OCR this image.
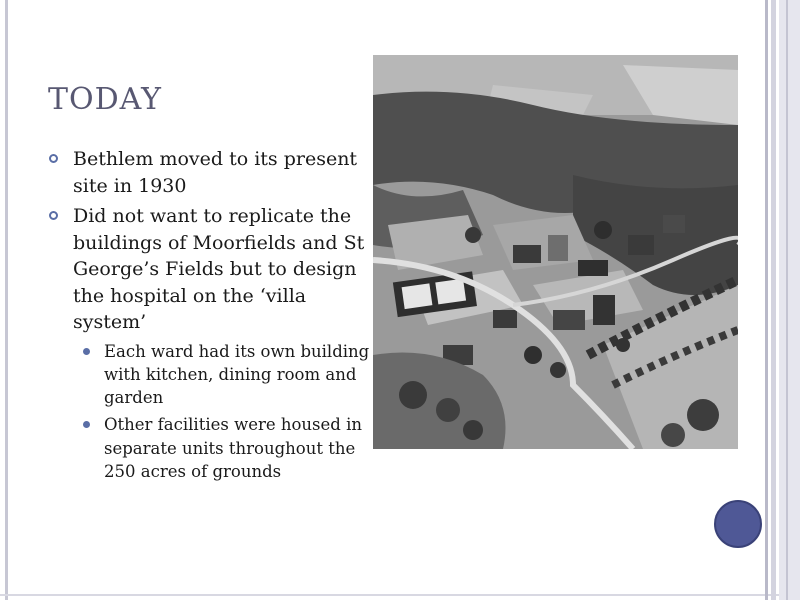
TODAY
Bethlem moved to its present site in 1930
Did not want to replicate the buildings of Moorfields and St George’s Fields but to design the hospital on the ‘villa system’
Each ward had its own building with kitchen, dining room and garden
Other facilities were housed in separate units throughout the 250 acres of grounds
